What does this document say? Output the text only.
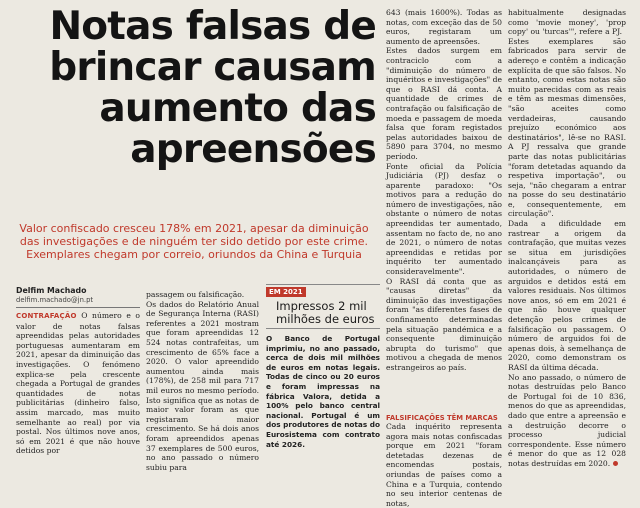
Notas falsas de
brincar causam
aumento das
apreensões

Valor confiscado cresceu 178% em 2021, apesar da diminuição das investigações e de ninguém ter sido detido por este crime. Exemplares chegam por correio, oriundos da China e Turquia

Delfim Machado

delfim.machado@jn.pt

CONTRAFAÇÃO O número e o valor de notas falsas apreendidas pelas autoridades portuguesas aumentaram em 2021, apesar da diminuição das investigações. O fenómeno explica-se pela crescente chegada a Portugal de grandes quantidades de notas publicitárias (dinheiro falso, assim marcado, mas muito semelhante ao real) por via postal. Nos últimos nove anos, só em 2021 é que não houve detidos por

passagem ou falsificação.
Os dados do Relatório Anual de Segurança Interna (RASI) referentes a 2021 mostram que foram apreendidas 12 524 notas contrafeitas, um crescimento de 65% face a 2020. O valor apreendido aumentou ainda mais (178%), de 258 mil para 717 mil euros no mesmo período. Isto significa que as notas de maior valor foram as que registaram maior crescimento. Se há dois anos foram apreendidos apenas 37 exemplares de 500 euros, no ano passado o número subiu para

EM 2021

Impressos 2 mil milhões de euros

O Banco de Portugal imprimiu, no ano passado, cerca de dois mil milhões de euros em notas legais. Todas de cinco ou 20 euros e foram impressas na fábrica Valora, detida a 100% pelo banco central nacional. Portugal é um dos produtores de notas do Eurosistema com contrato até 2026.

643 (mais 1600%). Todas as notas, com exceção das de 50 euros, registaram um aumento de apreensões.
Estes dados surgem em contraciclo com a "diminuição do número de inquéritos e investigações" de que o RASI dá conta. A quantidade de crimes de contrafação ou falsificação de moeda e passagem de moeda falsa que foram registados pelas autoridades baixou de 5890 para 3704, no mesmo período.
Fonte oficial da Polícia Judiciária (PJ) desfaz o aparente paradoxo: "Os motivos para a redução do número de investigações, não obstante o número de notas apreendidas ter aumentado, assentam no facto de, no ano de 2021, o número de notas apreendidas e retidas por inquérito ter aumentado consideravelmente".
O RASI dá conta que as "causas diretas" da diminuição das investigações foram "as diferentes fases de confinamento determinadas pela situação pandémica e a consequente diminuição abrupta do turismo" que motivou a chegada de menos estrangeiros ao país.

FALSIFICAÇÕES TÊM MARCAS

Cada inquérito representa agora mais notas confiscadas porque em 2021 "foram detetadas dezenas de encomendas postais, oriundas de países como a China e a Turquia, contendo no seu interior centenas de notas,

habitualmente designadas como 'movie money', 'prop copy' ou 'turcas'", refere a PJ.
Estes exemplares são fabricados para servir de adereço e contêm a indicação explícita de que são falsos. No entanto, como estas notas são muito parecidas com as reais e têm as mesmas dimensões, "são aceites como verdadeiras, causando prejuízo económico aos destinatários", lê-se no RASI. A PJ ressalva que grande parte das notas publicitárias "foram detetadas aquando da respetiva importação", ou seja, "não chegaram a entrar na posse do seu destinatário e, consequentemente, em circulação".
Dada a dificuldade em rastrear a origem da contrafação, que muitas vezes se situa em jurisdições inalcançáveis para as autoridades, o número de arguidos e detidos está em valores residuais. Nos últimos nove anos, só em em 2021 é que não houve qualquer detenção pelos crimes de falsificação ou passagem. O número de arguidos foi de apenas dois, à semelhança de 2020, como demonstram os RASI da última década.
No ano passado, o número de notas destruídas pelo Banco de Portugal foi de 10 836, menos do que as apreendidas, dado que entre a apreensão e a destruição decorre o processo judicial correspondente. Esse número é menor do que as 12 028 notas destruídas em 2020.
